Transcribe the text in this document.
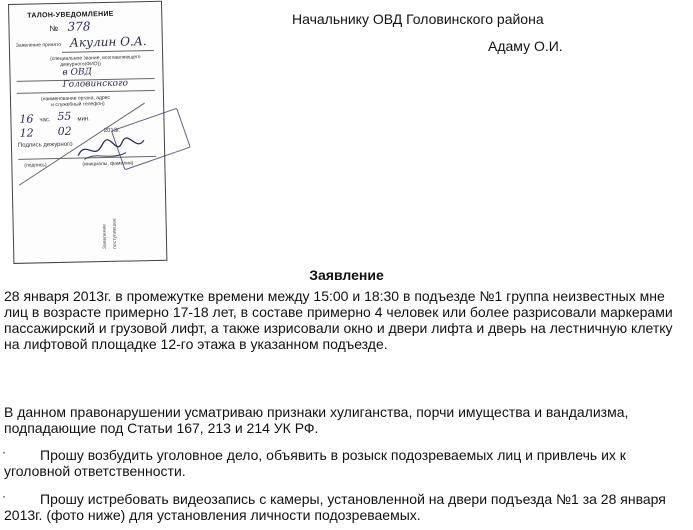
ТАЛОН-УВЕДОМЛЕНИЕ
№ 378
Заявление принято Акулин О.А.
(специальное звание, возглавляющего
дежурного(ФИО))
в ОВД
Головинского
(наименование органа, адрес
и служебный телефон)
16 час. 55 мин.
12 02	2013г.
Подпись дежурного
(подпись)	(инициалы, фамилия)
Заявление поступившее
Начальнику ОВД Головинского района
Адаму О.И.
Заявление
28 января 2013г. в промежутке времени между 15:00 и 18:30 в подъезде №1 группа неизвестных мне лиц в возрасте примерно 17-18 лет, в составе примерно 4 человек или более разрисовали маркерами пассажирский и грузовой лифт, а также изрисовали окно и двери лифта и дверь на лестничную клетку на лифтовой площадке 12-го этажа в указанном подъезде.
В данном правонарушении усматриваю признаки хулиганства, порчи имущества и вандализма, подпадающие под Статьи 167, 213 и 214 УК РФ.
· Прошу возбудить уголовное дело, объявить в розыск подозреваемых лиц и привлечь их к уголовной ответственности.
· Прошу истребовать видеозапись с камеры, установленной на двери подъезда №1 за 28 января 2013г. (фото ниже) для установления личности подозреваемых.
